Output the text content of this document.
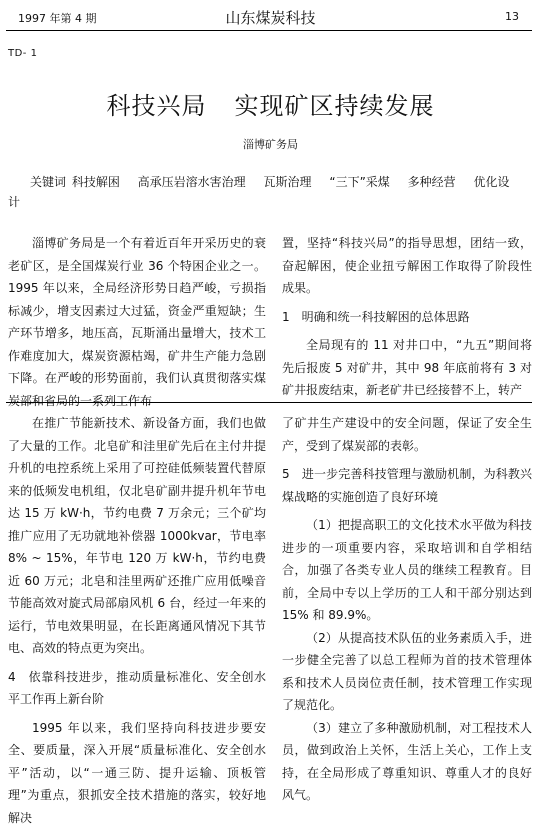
1997 年第 4 期	山东煤炭科技	13
TD- 1
科技兴局 实现矿区持续发展
淄博矿务局
关键词 科技解困 高承压岩溶水害治理 瓦斯治理 “三下”采煤 多种经营 优化设计

淄博矿务局是一个有着近百年开采历史的衰老矿区，是全国煤炭行业 36 个特困企业之一。1995 年以来，全局经济形势日趋严峻，亏损指标减少，增支因素过大过猛，资金严重短缺；生产环节增多，地压高，瓦斯涌出量增大，技术工作难度加大，煤炭资源枯竭，矿井生产能力急剧下降。在严峻的形势面前，我们认真贯彻落实煤炭部和省局的一系列工作布

置，坚持“科技兴局”的指导思想，团结一致，奋起解困，使企业扭亏解困工作取得了阶段性成果。

1　明确和统一科技解困的总体思路

全局现有的 11 对井口中，“九五”期间将先后报废 5 对矿井，其中 98 年底前将有 3 对矿井报废结束，新老矿井已经接替不上，转产

在推广节能新技术、新设备方面，我们也做了大量的工作。北皂矿和洼里矿先后在主付井提升机的电控系统上采用了可控硅低频装置代替原来的低频发电机组，仅北皂矿副井提升机年节电达 15 万 kW·h，节约电费 7 万余元；三个矿均推广应用了无功就地补偿器 1000kvar，节电率 8% ~ 15%，年节电 120 万 kW·h，节约电费近 60 万元；北皂和洼里两矿还推广应用低噪音节能高效对旋式局部扇风机 6 台，经过一年来的运行，节电效果明显，在长距离通风情况下其节电、高效的特点更为突出。

4　依靠科技进步，推动质量标准化、安全创水平工作再上新台阶

1995 年以来，我们坚持向科技进步要安全、要质量，深入开展“质量标准化、安全创水平”活动，以“一通三防、提升运输、顶板管理”为重点，狠抓安全技术措施的落实，较好地解决

了矿井生产建设中的安全问题，保证了安全生产，受到了煤炭部的表彰。

5　进一步完善科技管理与激励机制，为科教兴煤战略的实施创造了良好环境

（1）把提高职工的文化技术水平做为科技进步的一项重要内容，采取培训和自学相结合，加强了各类专业人员的继续工程教育。目前，全局中专以上学历的工人和干部分别达到 15% 和 89.9%。

（2）从提高技术队伍的业务素质入手，进一步健全完善了以总工程师为首的技术管理体系和技术人员岗位责任制，技术管理工作实现了规范化。

（3）建立了多种激励机制，对工程技术人员，做到政治上关怀，生活上关心，工作上支持，在全局形成了尊重知识、尊重人才的良好风气。
